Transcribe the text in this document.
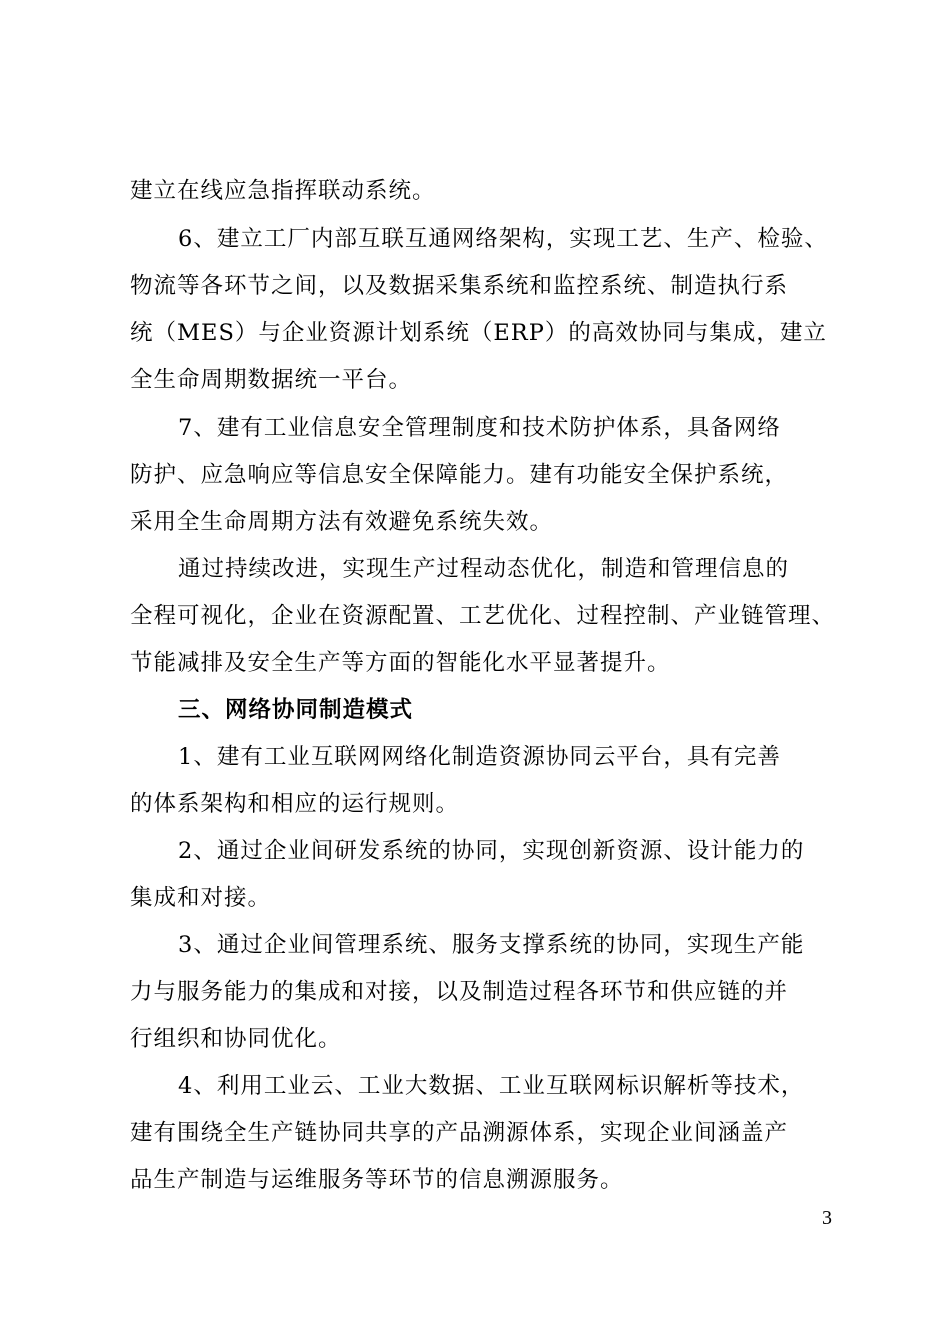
建立在线应急指挥联动系统。
6、建立工厂内部互联互通网络架构，实现工艺、生产、检验、
物流等各环节之间，以及数据采集系统和监控系统、制造执行系
统（MES）与企业资源计划系统（ERP）的高效协同与集成，建立
全生命周期数据统一平台。
7、建有工业信息安全管理制度和技术防护体系，具备网络
防护、应急响应等信息安全保障能力。建有功能安全保护系统，
采用全生命周期方法有效避免系统失效。
通过持续改进，实现生产过程动态优化，制造和管理信息的
全程可视化，企业在资源配置、工艺优化、过程控制、产业链管理、
节能减排及安全生产等方面的智能化水平显著提升。
三、网络协同制造模式
1、建有工业互联网网络化制造资源协同云平台，具有完善
的体系架构和相应的运行规则。
2、通过企业间研发系统的协同，实现创新资源、设计能力的
集成和对接。
3、通过企业间管理系统、服务支撑系统的协同，实现生产能
力与服务能力的集成和对接，以及制造过程各环节和供应链的并
行组织和协同优化。
4、利用工业云、工业大数据、工业互联网标识解析等技术，
建有围绕全生产链协同共享的产品溯源体系，实现企业间涵盖产
品生产制造与运维服务等环节的信息溯源服务。
3
